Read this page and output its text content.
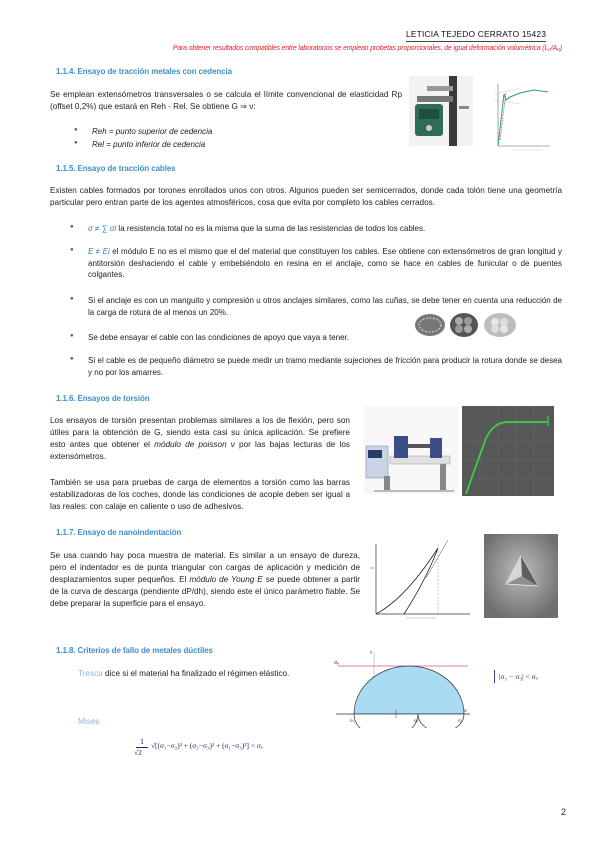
LETICIA TEJEDO CERRATO 15423
Para obtener resultados compatibles entre laboratorios se emplean probetas proporcionales, de igual deformación volumétrica (L₀/A₀)
1.1.4. Ensayo de tracción metales con cedencia
Se emplean extensómetros transversales o se calcula el límite convencional de elasticidad Rp (offset 0,2%) que estará en Reh - Rel. Se obtiene G ⇒ ν:
● Reh = punto superior de cedencia
● Rel = punto inferior de cedencia
1.1.5. Ensayo de tracción cables
Existen cables formados por torones enrollados unos con otros. Algunos pueden ser semicerrados, donde cada tolón tiene una geometría particular pero entran parte de los agentes atmosféricos, cosa que evita por completo los cables cerrados.
● σ ≠ ∑ σi la resistencia total no es la misma que la suma de las resistencias de todos los cables.
● E ≠ Ei el módulo E no es el mismo que el del material que constituyen los cables. Ese obtiene con extensómetros de gran longitud y antitorsión deshaciendo el cable y embebiéndolo en resina en el anclaje, como se hace en cables de funicular o de puentes colgantes.
● Si el anclaje es con un manguito y compresión u otros anclajes similares, como las cuñas, se debe tener en cuenta una reducción de la carga de rotura de al menos un 20%.
● Se debe ensayar el cable con las condiciones de apoyo que vaya a tener.
● Si el cable es de pequeño diámetro se puede medir un tramo mediante sujeciones de fricción para producir la rotura donde se desea y no por los amarres.
1.1.6. Ensayos de torsión
Los ensayos de torsión presentan problemas similares a los de flexión, pero son útiles para la obtención de G, siendo esta casi su única aplicación. Se prefiere esto antes que obtener el módulo de poisson ν por las bajas lecturas de los extensómetros.
También se usa para pruebas de carga de elementos a torsión como las barras estabilizadoras de los coches, donde las condiciones de acople deben ser igual a las reales: con calaje en caliente o uso de adhesivos.
1.1.7. Ensayo de nanoindentación
Se usa cuando hay poca muestra de material. Es similar a un ensayo de dureza, pero el indentador es de punta triangular con cargas de aplicación y medición de desplazamientos super pequeños. El módulo de Young E se puede obtener a partir de la curva de descarga (pendiente dP/dh), siendo este el único parámetro fiable. Se debe preparar la superficie para el ensayo.
1.1.8. Criterios de fallo de metales dúctiles
Tresca dice si el material ha finalizado el régimen elástico.
Mises
1
√2
√[(σ₁−σ₂)² + (σ₂−σ₃)² + (σ₁−σ₃)²] < σₑ
τ
σₑ
σ₃	σ₂	σ₁
σ
|σ₁ − σ₃| < σₑ
2
